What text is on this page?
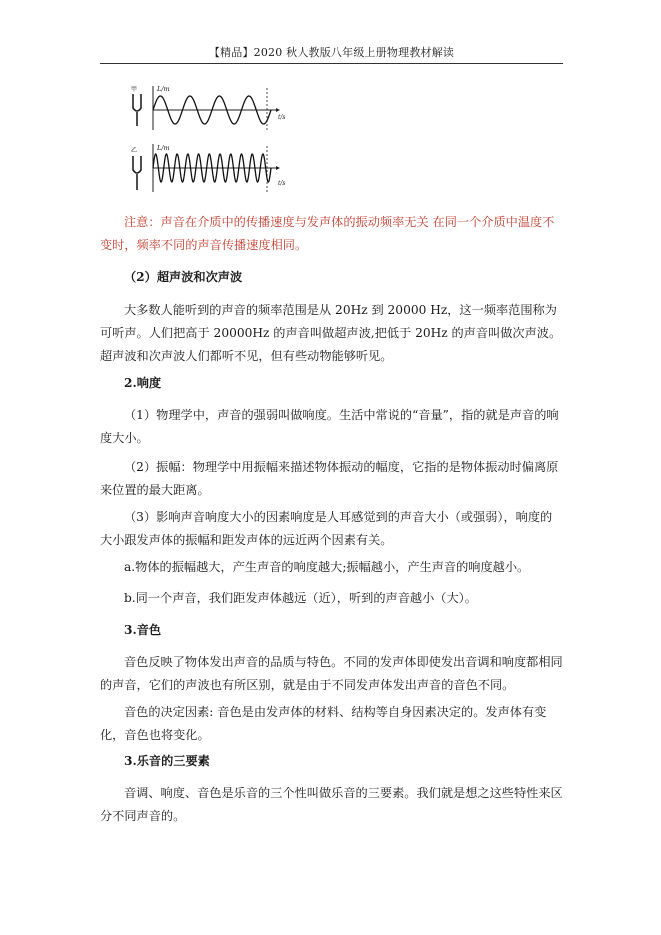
【精品】2020 秋人教版八年级上册物理教材解读
甲	L/m
t/s
乙	L/m
t/s

注意：声音在介质中的传播速度与发声体的振动频率无关 在同一个介质中温度不变时，频率不同的声音传播速度相同。

（2）超声波和次声波

大多数人能听到的声音的频率范围是从 20Hz 到 20000 Hz，这一频率范围称为可听声。人们把高于 20000Hz 的声音叫做超声波,把低于 20Hz 的声音叫做次声波。超声波和次声波人们都听不见，但有些动物能够听见。

2.响度

（1）物理学中，声音的强弱叫做响度。生活中常说的“音量”，指的就是声音的响度大小。

（2）振幅：物理学中用振幅来描述物体振动的幅度，它指的是物体振动时偏离原来位置的最大距离。

（3）影响声音响度大小的因素响度是人耳感觉到的声音大小（或强弱），响度的大小跟发声体的振幅和距发声体的远近两个因素有关。

a.物体的振幅越大，产生声音的响度越大;振幅越小，产生声音的响度越小。

b.同一个声音，我们距发声体越远（近），听到的声音越小（大）。

3.音色

音色反映了物体发出声音的品质与特色。不同的发声体即使发出音调和响度都相同的声音，它们的声波也有所区别，就是由于不同发声体发出声音的音色不同。

音色的决定因素: 音色是由发声体的材料、结构等自身因素决定的。发声体有变化，音色也将变化。

3.乐音的三要素

音调、响度、音色是乐音的三个性叫做乐音的三要素。我们就是想之这些特性来区分不同声音的。
